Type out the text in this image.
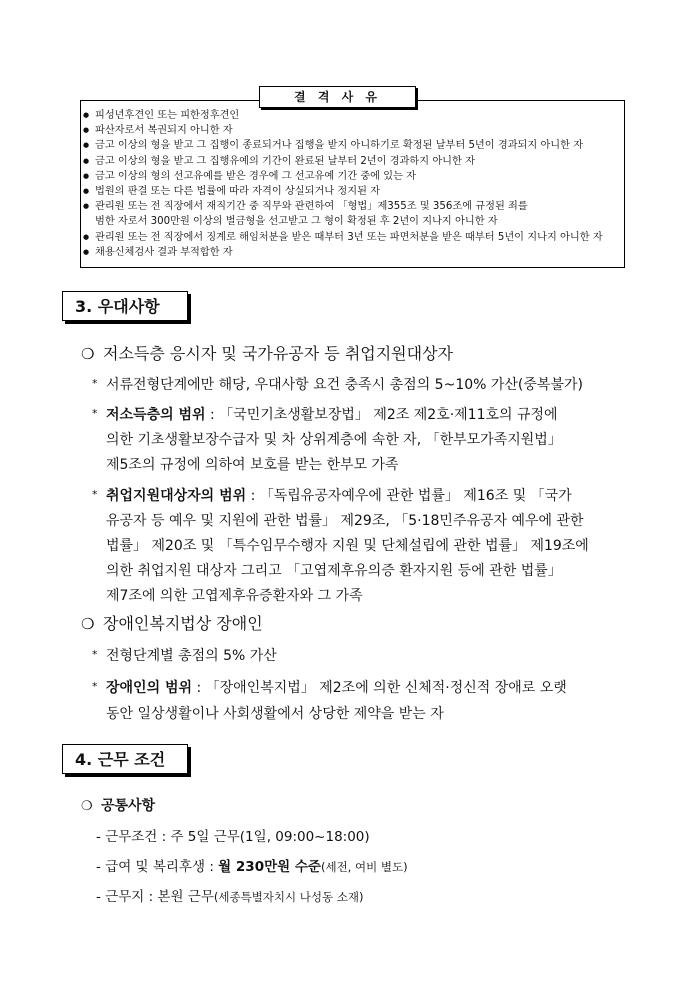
결 격 사 유
● 피성년후견인 또는 피한정후견인
● 파산자로서 복권되지 아니한 자
● 금고 이상의 형을 받고 그 집행이 종료되거나 집행을 받지 아니하기로 확정된 날부터 5년이 경과되지 아니한 자
● 금고 이상의 형을 받고 그 집행유예의 기간이 완료된 날부터 2년이 경과하지 아니한 자
● 금고 이상의 형의 선고유예를 받은 경우에 그 선고유예 기간 중에 있는 자
● 법원의 판결 또는 다른 법률에 따라 자격이 상실되거나 정지된 자
● 관리원 또는 전 직장에서 재직기간 중 직무와 관련하여 「형법」제355조 및 356조에 규정된 죄를
범한 자로서 300만원 이상의 벌금형을 선고받고 그 형이 확정된 후 2년이 지나지 아니한 자
● 관리원 또는 전 직장에서 징계로 해임처분을 받은 때부터 3년 또는 파면처분을 받은 때부터 5년이 지나지 아니한 자
● 채용신체검사 결과 부적합한 자
3. 우대사항
❍ 저소득층 응시자 및 국가유공자 등 취업지원대상자
* 서류전형단계에만 해당, 우대사항 요건 충족시 총점의 5~10% 가산(중복불가)
* 저소득층의 범위 : 「국민기초생활보장법」 제2조 제2호·제11호의 규정에
의한 기초생활보장수급자 및 차 상위계층에 속한 자, 「한부모가족지원법」
제5조의 규정에 의하여 보호를 받는 한부모 가족
* 취업지원대상자의 범위 : 「독립유공자예우에 관한 법률」 제16조 및 「국가
유공자 등 예우 및 지원에 관한 법률」 제29조, 「5·18민주유공자 예우에 관한
법률」 제20조 및 「특수임무수행자 지원 및 단체설립에 관한 법률」 제19조에
의한 취업지원 대상자 그리고 「고엽제후유의증 환자지원 등에 관한 법률」
제7조에 의한 고엽제후유증환자와 그 가족
❍ 장애인복지법상 장애인
* 전형단계별 총점의 5% 가산
* 장애인의 범위 : 「장애인복지법」 제2조에 의한 신체적·정신적 장애로 오랫
동안 일상생활이나 사회생활에서 상당한 제약을 받는 자
4. 근무 조건
❍ 공통사항
- 근무조건 : 주 5일 근무(1일, 09:00~18:00)
- 급여 및 복리후생 : 월 230만원 수준(세전, 여비 별도)
- 근무지 : 본원 근무(세종특별자치시 나성동 소재)
